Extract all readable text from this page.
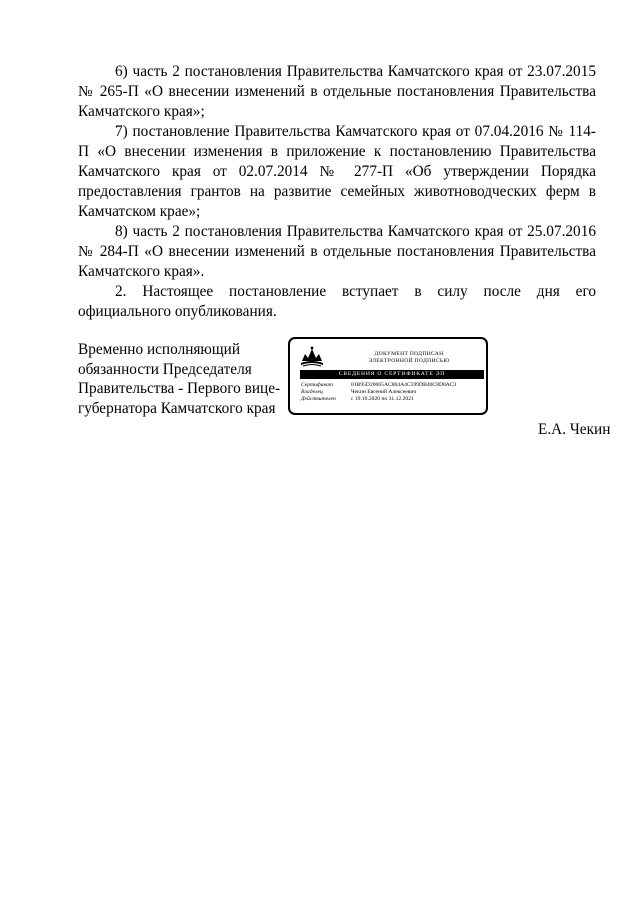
6) часть 2 постановления Правительства Камчатского края от 23.07.2015 № 265-П «О внесении изменений в отдельные постановления Правительства Камчатского края»;

7) постановление Правительства Камчатского края от 07.04.2016 № 114-П «О внесении изменения в приложение к постановлению Правительства Камчатского края от 02.07.2014 № 277-П «Об утверждении Порядка предоставления грантов на развитие семейных животноводческих ферм в Камчатском крае»;

8) часть 2 постановления Правительства Камчатского края от 25.07.2016 № 284-П «О внесении изменений в отдельные постановления Правительства Камчатского края».

2. Настоящее постановление вступает в силу после дня его официального опубликования.

Временно исполняющий
обязанности Председателя
Правительства - Первого вице-
губернатора Камчатского края
ДОКУМЕНТ ПОДПИСАН
ЭЛЕКТРОННОЙ ПОДПИСЬЮ
СВЕДЕНИЯ О СЕРТИФИКАТЕ ЭП
Сертификат	01B95D20065AC804A4C599DB40C8D0AC3
Владелец	Чекин Евгений Алексеевич
Действителен	с 19.10.2020 по 31.12.2021
Е.А. Чекин
